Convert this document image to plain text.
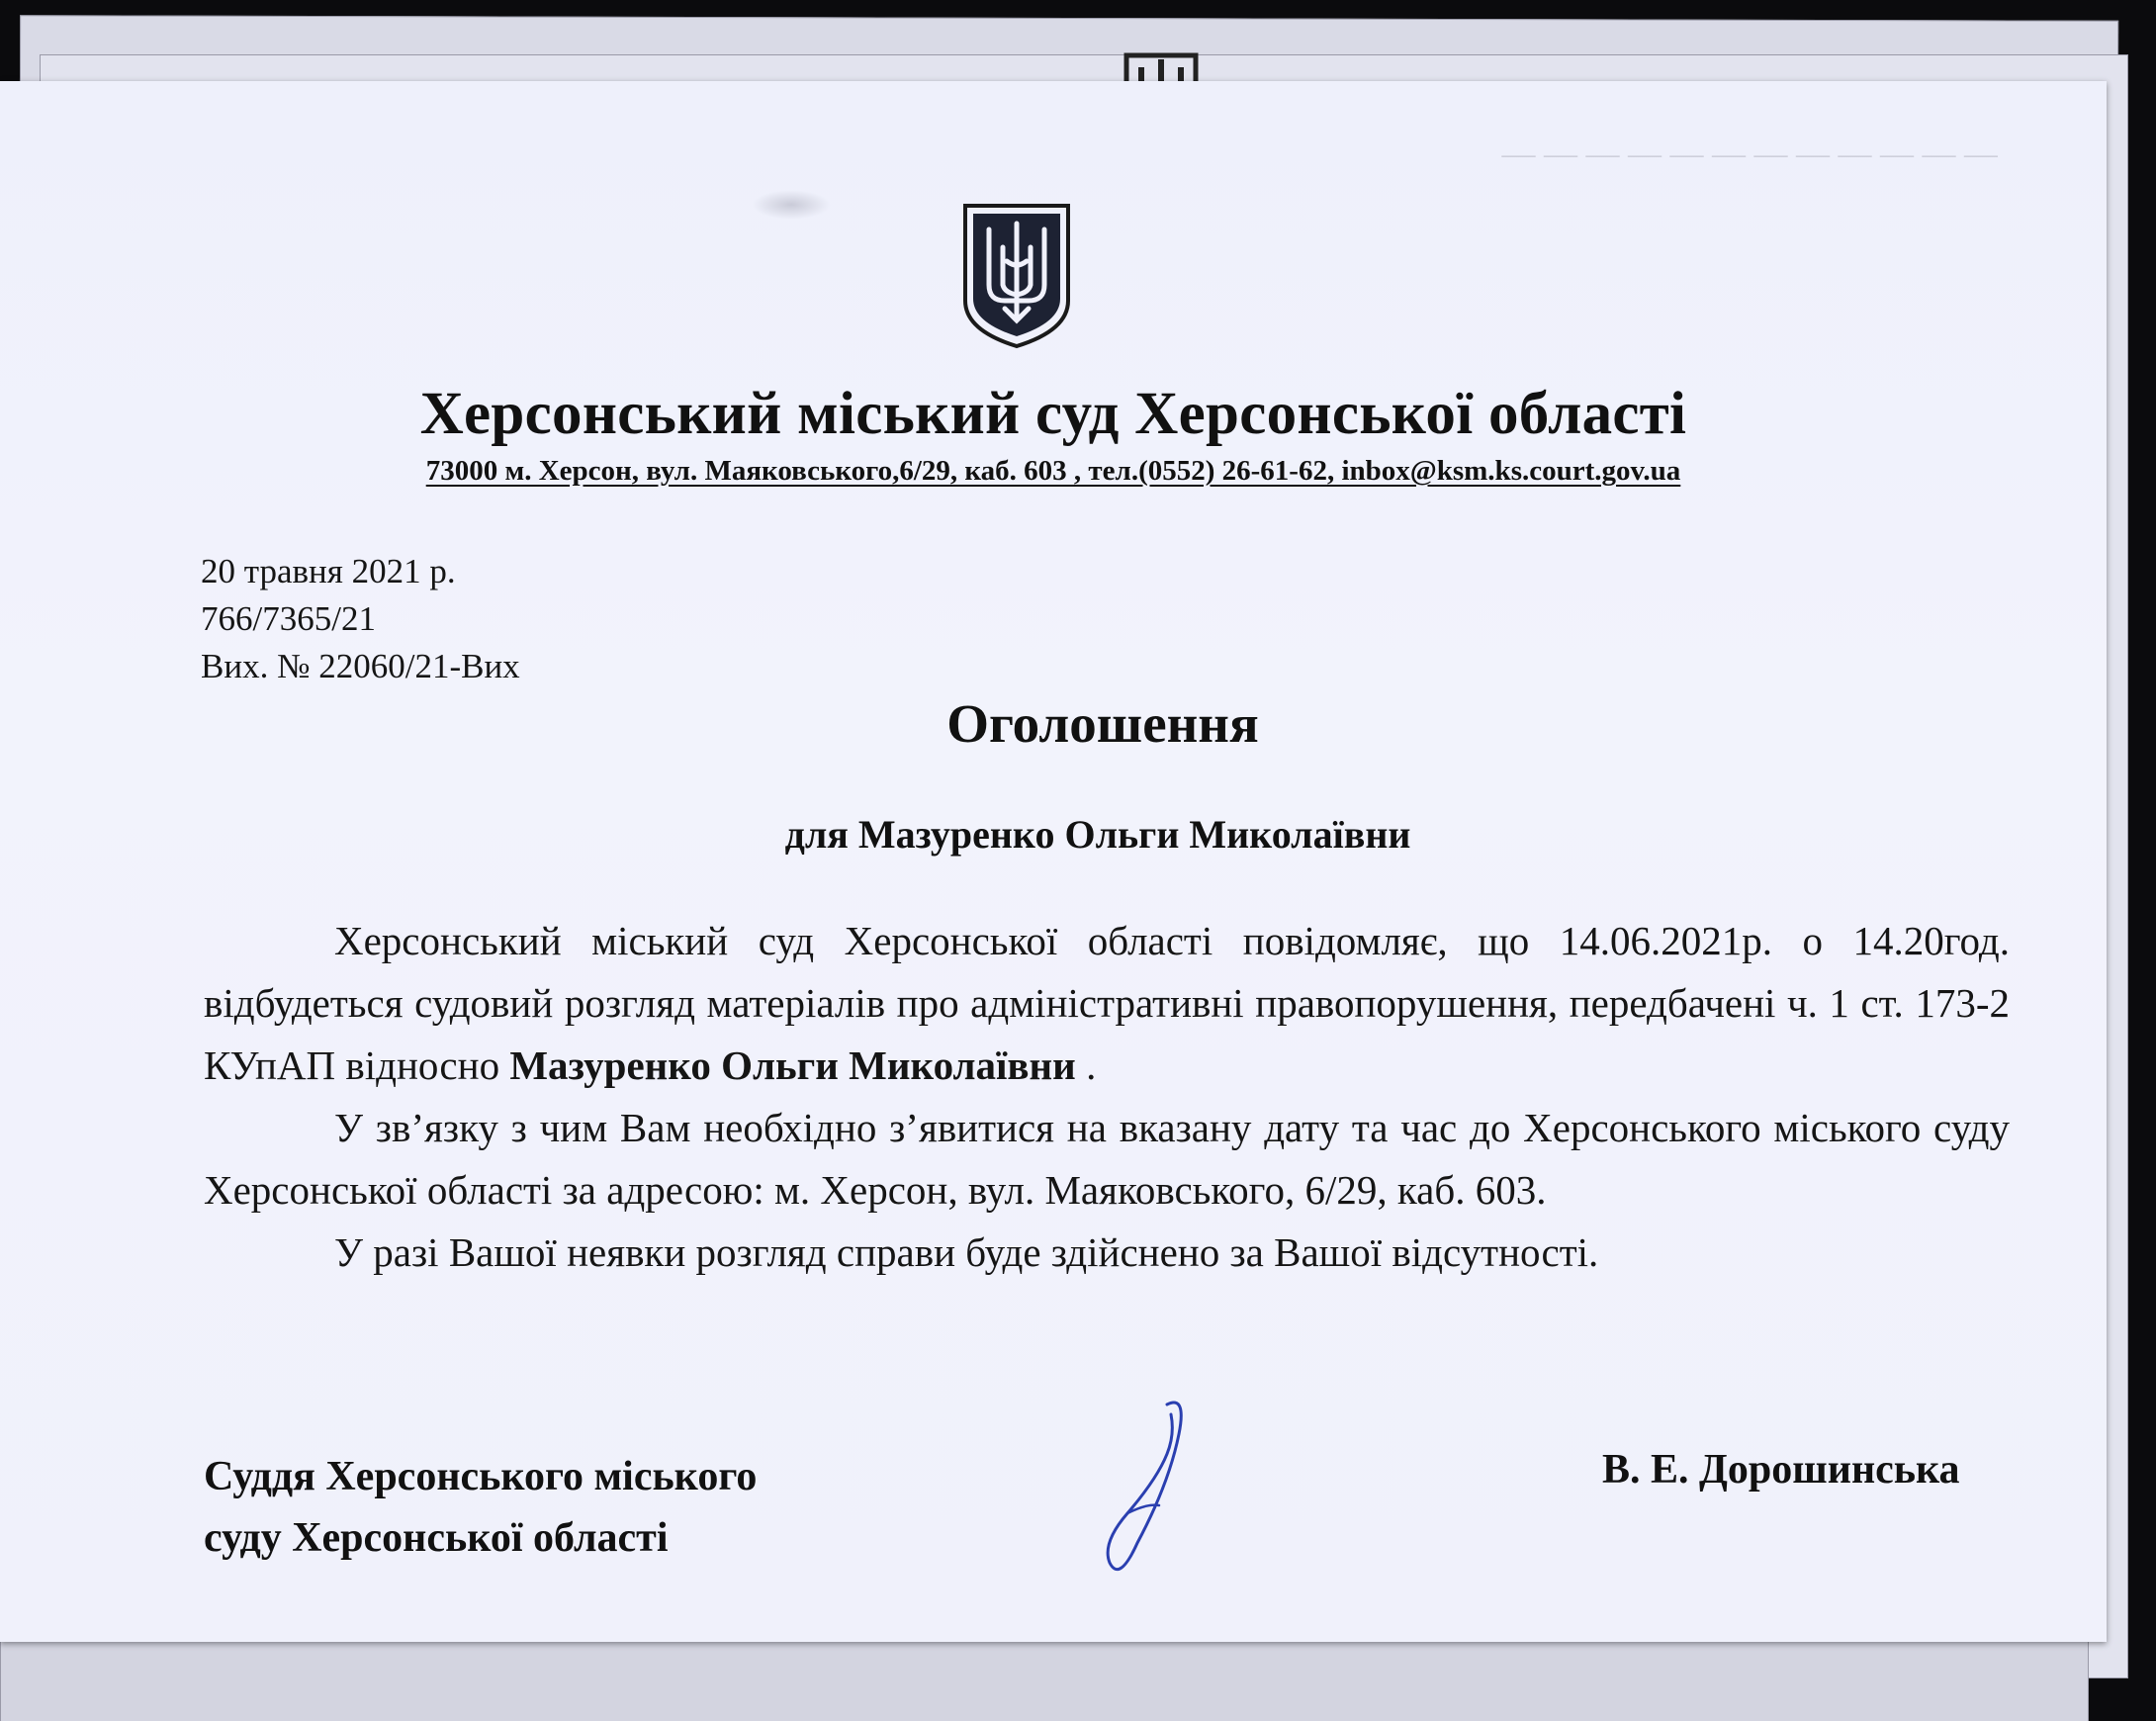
— — — — — — — — — — — —
Херсонський міський суд Херсонської області
73000 м. Херсон, вул. Маяковського,6/29, каб. 603 , тел.(0552) 26-61-62, inbox@ksm.ks.court.gov.ua
20 травня 2021 р.
766/7365/21
Вих. № 22060/21-Вих
Оголошення
для Мазуренко Ольги Миколаївни

Херсонський міський суд Херсонської області повідомляє, що 14.06.2021р. о 14.20год. відбудеться судовий розгляд матеріалів про адміністративні правопорушення, передбачені ч. 1 ст. 173-2 КУпАП відносно Мазуренко Ольги Миколаївни .

У зв’язку з чим Вам необхідно з’явитися на вказану дату та час до Херсонського міського суду Херсонської області за адресою: м. Херсон, вул. Маяковського, 6/29, каб. 603.

У разі Вашої неявки розгляд справи буде здійснено за Вашої відсутності.

Суддя Херсонського міського
суду Херсонської області
В. Е. Дорошинська
